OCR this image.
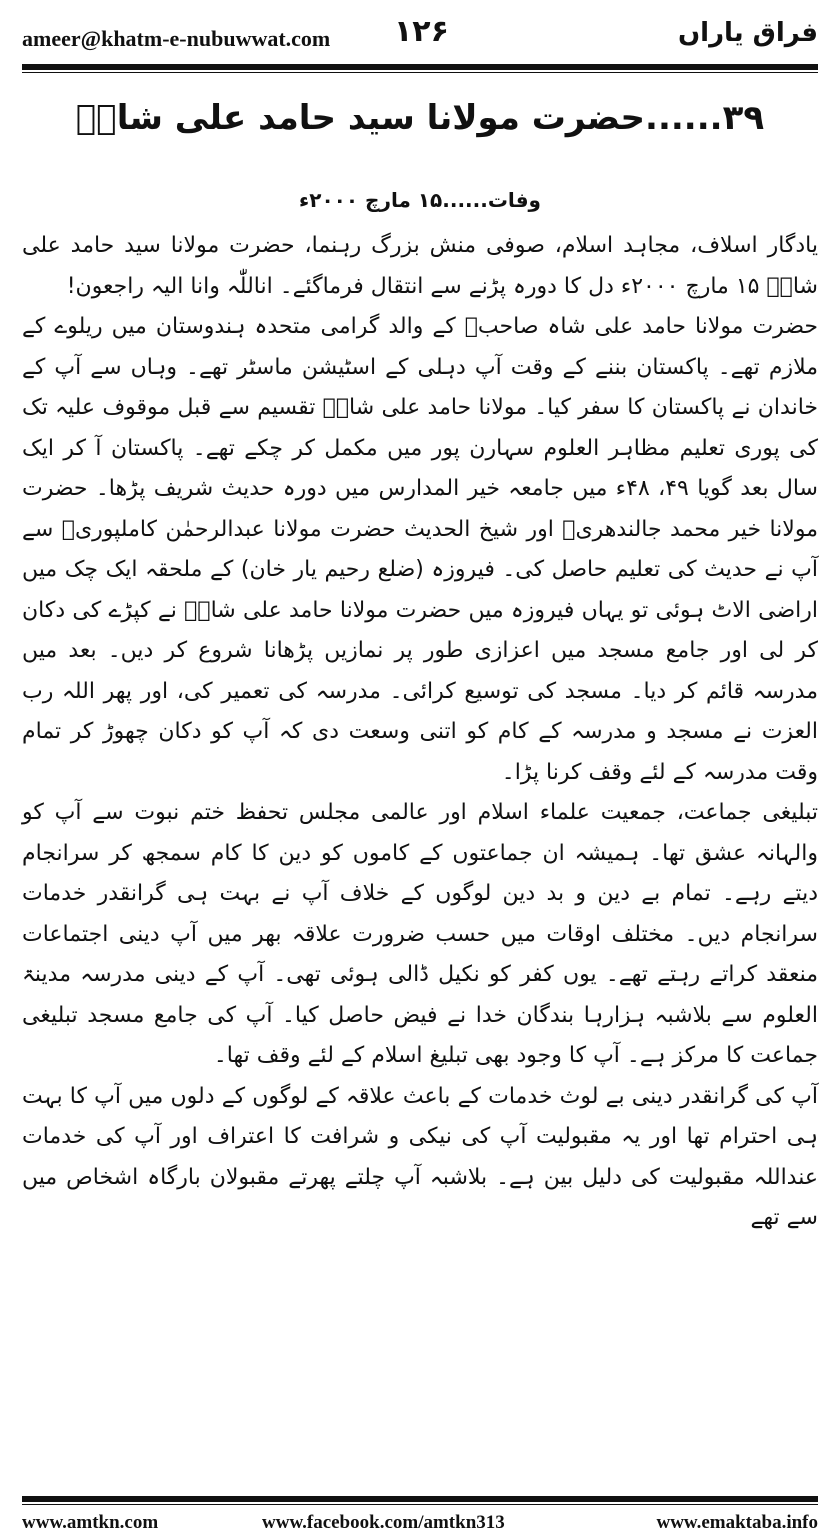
ameer@khatm-e-nubuwwat.com ۱۲۶	فراق یاراں
۳۹......حضرت مولانا سید حامد علی شاہؒ
وفات......۱۵ مارچ ۲۰۰۰ء

یادگار اسلاف، مجاہد اسلام، صوفی منش بزرگ رہنما، حضرت مولانا سید حامد علی شاہؒ ۱۵ مارچ ۲۰۰۰ء دل کا دورہ پڑنے سے انتقال فرماگئے۔ اناللّٰہ وانا الیہ راجعون!

حضرت مولانا حامد علی شاہ صاحبؒ کے والد گرامی متحدہ ہندوستان میں ریلوے کے ملازم تھے۔ پاکستان بننے کے وقت آپ دہلی کے اسٹیشن ماسٹر تھے۔ وہاں سے آپ کے خاندان نے پاکستان کا سفر کیا۔ مولانا حامد علی شاہؒ تقسیم سے قبل موقوف علیہ تک کی پوری تعلیم مظاہر العلوم سہارن پور میں مکمل کر چکے تھے۔ پاکستان آ کر ایک سال بعد گویا ۴۹، ۴۸ء میں جامعہ خیر المدارس میں دورہ حدیث شریف پڑھا۔ حضرت مولانا خیر محمد جالندھریؒ اور شیخ الحدیث حضرت مولانا عبدالرحمٰن کاملپوریؒ سے آپ نے حدیث کی تعلیم حاصل کی۔ فیروزہ (ضلع رحیم یار خان) کے ملحقہ ایک چک میں اراضی الاٹ ہوئی تو یہاں فیروزہ میں حضرت مولانا حامد علی شاہؒ نے کپڑے کی دکان کر لی اور جامع مسجد میں اعزازی طور پر نمازیں پڑھانا شروع کر دیں۔ بعد میں مدرسہ قائم کر دیا۔ مسجد کی توسیع کرائی۔ مدرسہ کی تعمیر کی، اور پھر اللہ رب العزت نے مسجد و مدرسہ کے کام کو اتنی وسعت دی کہ آپ کو دکان چھوڑ کر تمام وقت مدرسہ کے لئے وقف کرنا پڑا۔

تبلیغی جماعت، جمعیت علماء اسلام اور عالمی مجلس تحفظ ختم نبوت سے آپ کو والہانہ عشق تھا۔ ہمیشہ ان جماعتوں کے کاموں کو دین کا کام سمجھ کر سرانجام دیتے رہے۔ تمام بے دین و بد دین لوگوں کے خلاف آپ نے بہت ہی گرانقدر خدمات سرانجام دیں۔ مختلف اوقات میں حسب ضرورت علاقہ بھر میں آپ دینی اجتماعات منعقد کراتے رہتے تھے۔ یوں کفر کو نکیل ڈالی ہوئی تھی۔ آپ کے دینی مدرسہ مدینۃ العلوم سے بلاشبہ ہزارہا بندگان خدا نے فیض حاصل کیا۔ آپ کی جامع مسجد تبلیغی جماعت کا مرکز ہے۔ آپ کا وجود بھی تبلیغ اسلام کے لئے وقف تھا۔

آپ کی گرانقدر دینی بے لوث خدمات کے باعث علاقہ کے لوگوں کے دلوں میں آپ کا بہت ہی احترام تھا اور یہ مقبولیت آپ کی نیکی و شرافت کا اعتراف اور آپ کی خدمات عنداللہ مقبولیت کی دلیل بین ہے۔ بلاشبہ آپ چلتے پھرتے مقبولان بارگاہ اشخاص میں سے تھے

www.amtkn.com	www.facebook.com/amtkn313	www.emaktaba.info
